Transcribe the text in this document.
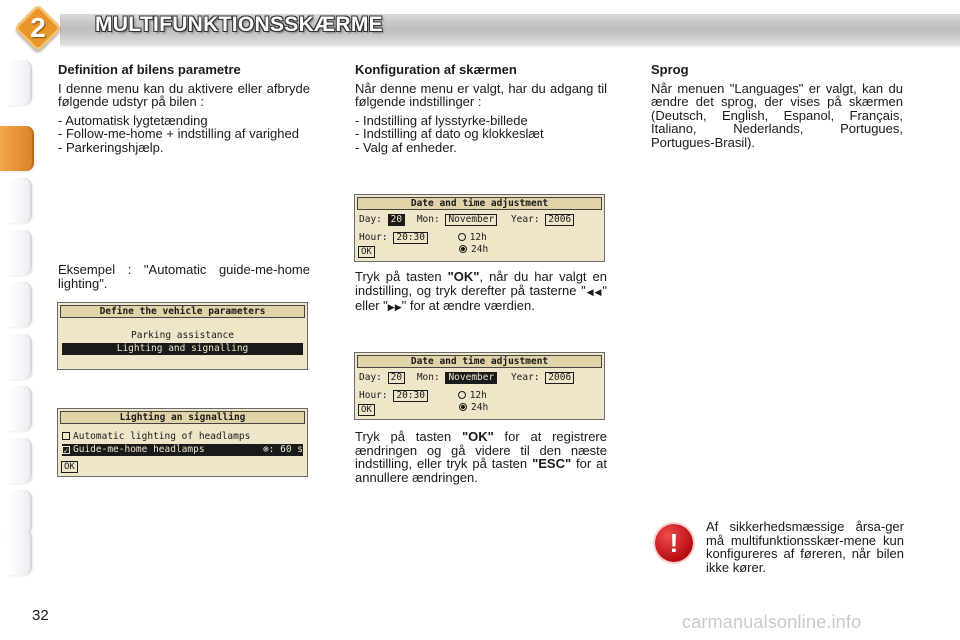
2	MULTIFUNKTIONSSKÆRME
Definition af bilens parametre

I denne menu kan du aktivere eller afbryde følgende udstyr på bilen :

- Automatisk lygtetænding
- Follow-me-home + indstilling af varighed
- Parkeringshjælp.
Eksempel : "Automatic guide-me-home lighting".
Define the vehicle parameters
Parking assistance
Lighting and signalling
Lighting an signalling
Automatic lighting of headlamps
✓ Guide-me-home headlamps	⊗: 60 s
OK
Konfiguration af skærmen

Når denne menu er valgt, har du adgang til følgende indstillinger :

- Indstilling af lysstyrke-billede
- Indstilling af dato og klokkeslæt
- Valg af enheder.
Date and time adjustment
Day: 20 Mon: November Year: 2006
Hour: 20:30	12h
24h
OK
Tryk på tasten "OK", når du har valgt en indstilling, og tryk derefter på tasterne "◀◀" eller "▶▶" for at ændre værdien.
Date and time adjustment
Day: 20 Mon: November Year: 2006
Hour: 20:30	12h
24h
OK
Tryk på tasten "OK" for at registrere ændringen og gå videre til den næste indstilling, eller tryk på tasten "ESC" for at annullere ændringen.
Sprog

Når menuen "Languages" er valgt, kan du ændre det sprog, der vises på skærmen (Deutsch, English, Espanol, Français, Italiano, Nederlands, Portugues, Portugues-Brasil).

!
Af sikkerhedsmæssige årsa-ger må multifunktionsskær-mene kun konfigureres af føreren, når bilen ikke kører.
32	carmanualsonline.info
